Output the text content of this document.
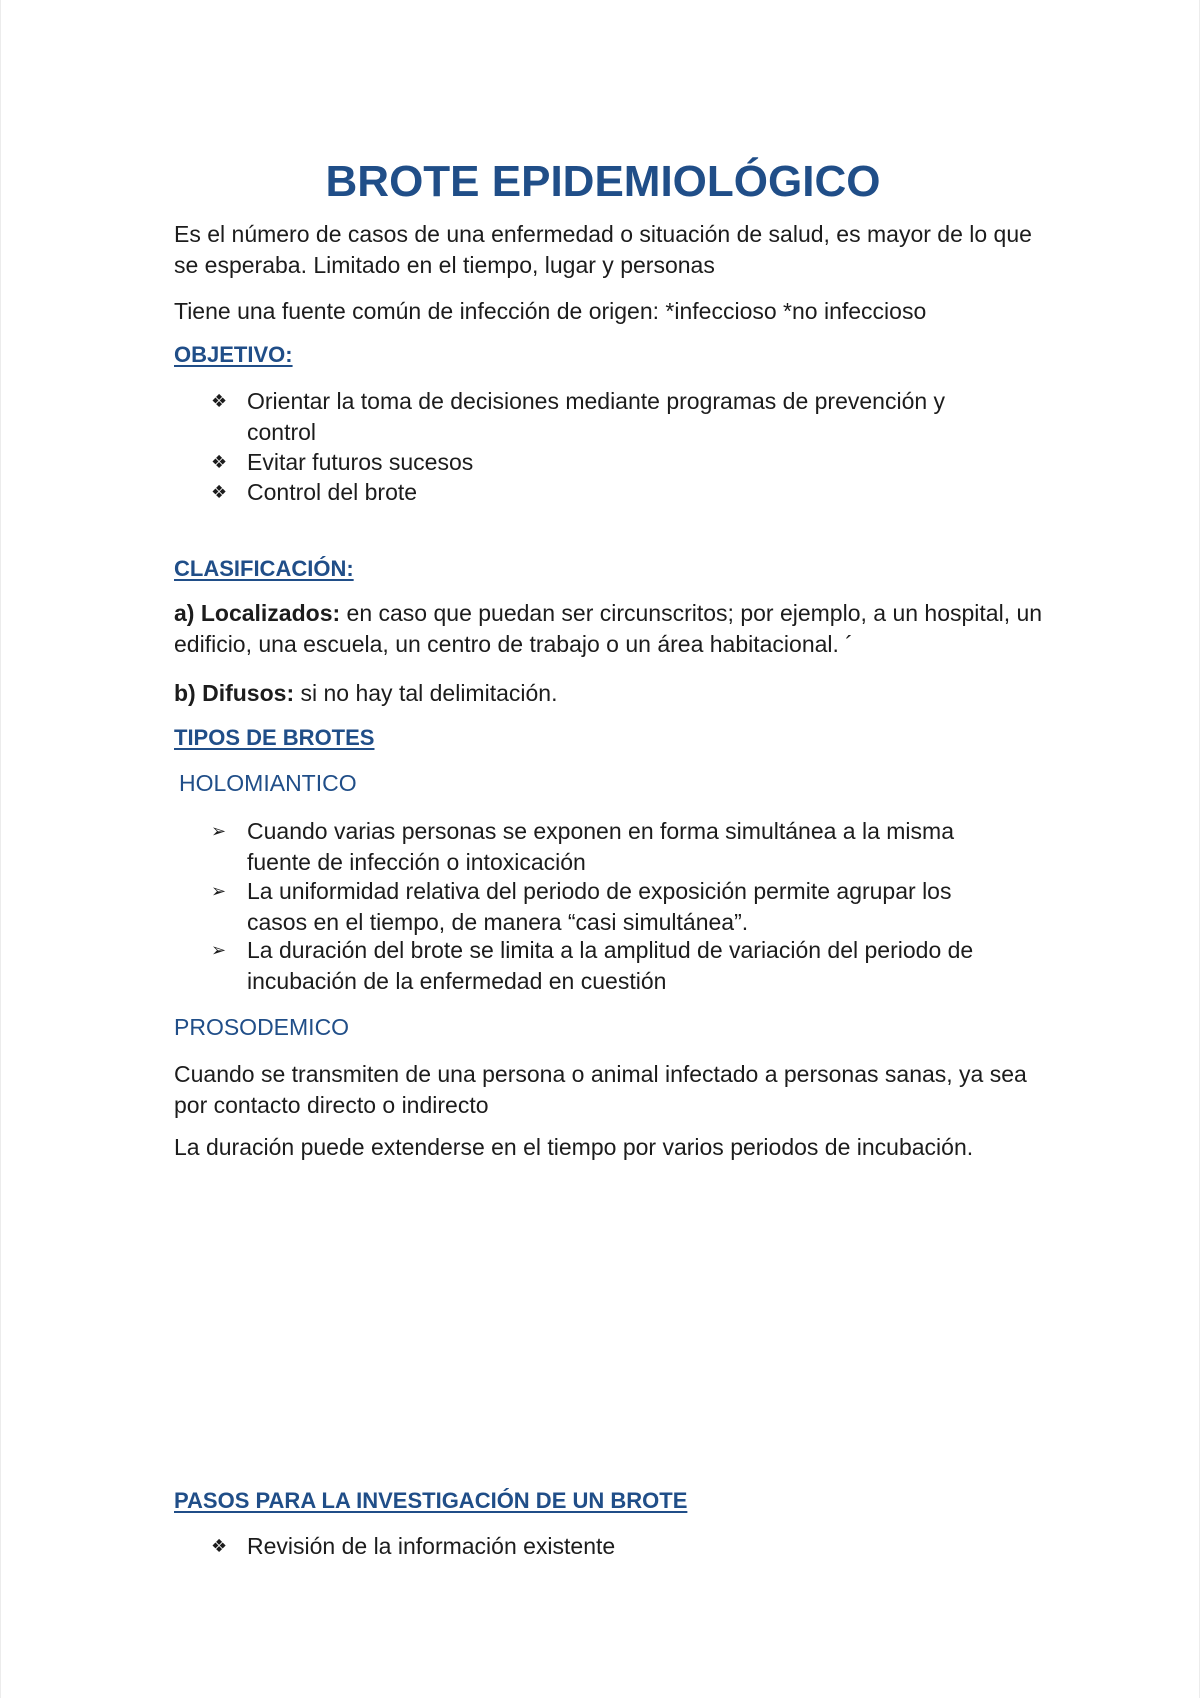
BROTE EPIDEMIOLÓGICO

Es el número de casos de una enfermedad o situación de salud, es mayor de lo que se esperaba. Limitado en el tiempo, lugar y personas

Tiene una fuente común de infección de origen: *infeccioso *no infeccioso

OBJETIVO:
❖ Orientar la toma de decisiones mediante programas de prevención y control
❖ Evitar futuros sucesos
❖ Control del brote
CLASIFICACIÓN:

a) Localizados: en caso que puedan ser circunscritos; por ejemplo, a un hospital, un edificio, una escuela, un centro de trabajo o un área habitacional. ´

b) Difusos: si no hay tal delimitación.

TIPOS DE BROTES
HOLOMIANTICO
➢ Cuando varias personas se exponen en forma simultánea a la misma fuente de infección o intoxicación
➢ La uniformidad relativa del periodo de exposición permite agrupar los casos en el tiempo, de manera “casi simultánea”.
➢ La duración del brote se limita a la amplitud de variación del periodo de incubación de la enfermedad en cuestión
PROSODEMICO

Cuando se transmiten de una persona o animal infectado a personas sanas, ya sea por contacto directo o indirecto

La duración puede extenderse en el tiempo por varios periodos de incubación.

PASOS PARA LA INVESTIGACIÓN DE UN BROTE
❖ Revisión de la información existente
